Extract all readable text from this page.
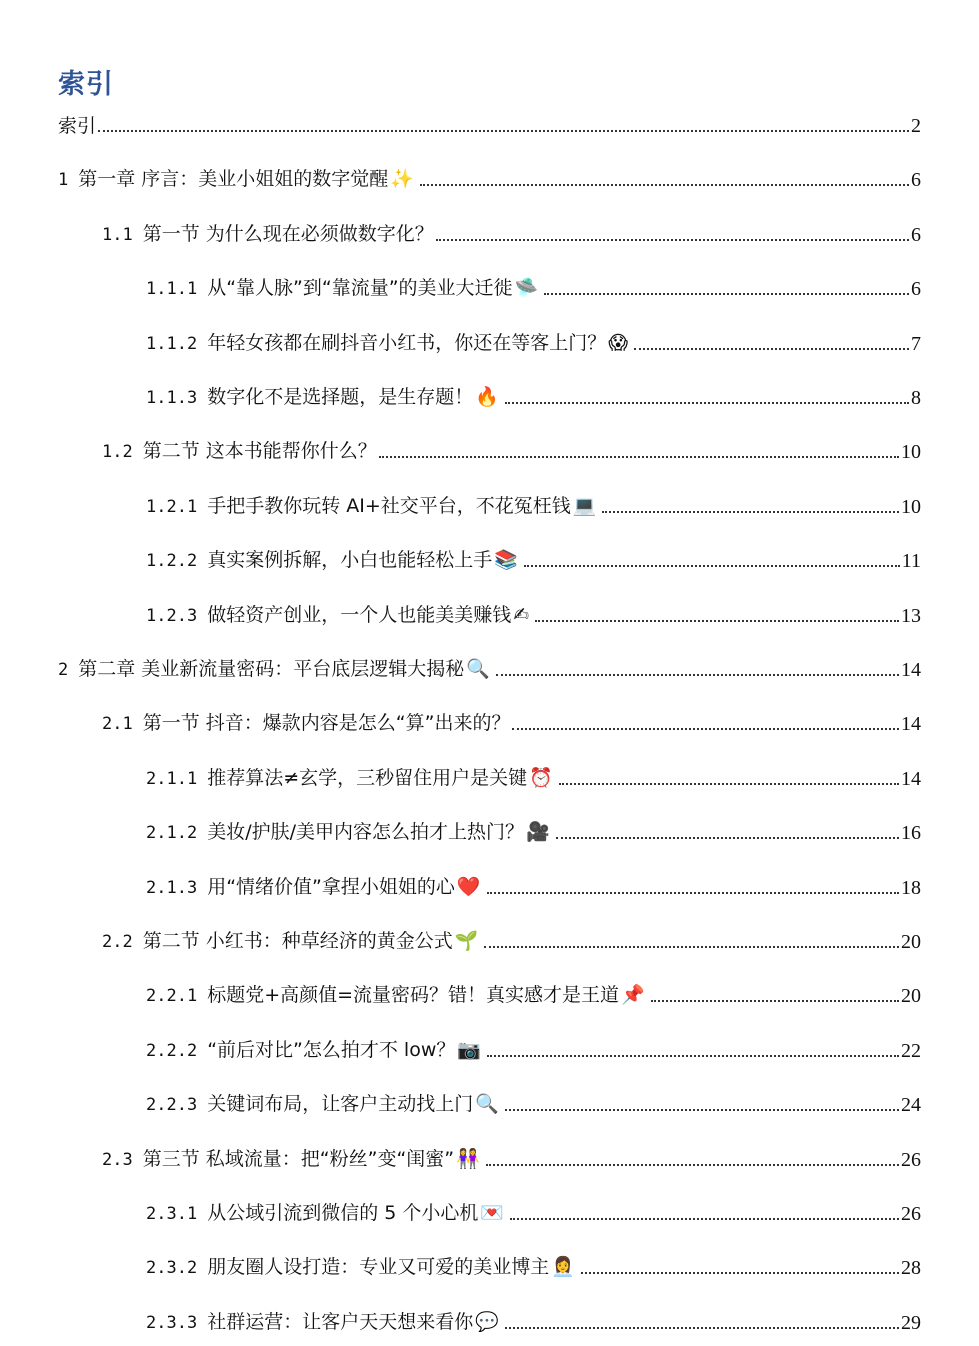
索引
索引	2
1 第一章 序言：美业小姐姐的数字觉醒 ✨	6
1.1 第一节 为什么现在必须做数字化？	6
1.1.1 从“靠人脉”到“靠流量”的美业大迁徙 🛸	6
1.1.2 年轻女孩都在刷抖音小红书，你还在等客上门？ 😱	7
1.1.3 数字化不是选择题，是生存题！ 🔥	8
1.2 第二节 这本书能帮你什么？	10
1.2.1 手把手教你玩转 AI+社交平台，不花冤枉钱 💻	10
1.2.2 真实案例拆解，小白也能轻松上手 📚	11
1.2.3 做轻资产创业，一个人也能美美赚钱 ✍	13
2 第二章 美业新流量密码：平台底层逻辑大揭秘 🔍	14
2.1 第一节 抖音：爆款内容是怎么“算”出来的？	14
2.1.1 推荐算法≠玄学，三秒留住用户是关键 ⏰	14
2.1.2 美妆/护肤/美甲内容怎么拍才上热门？ 🎥	16
2.1.3 用“情绪价值”拿捏小姐姐的心 ❤️	18
2.2 第二节 小红书：种草经济的黄金公式 🌱	20
2.2.1 标题党+高颜值=流量密码？错！真实感才是王道 📌	20
2.2.2 “前后对比”怎么拍才不 low？ 📷	22
2.2.3 关键词布局，让客户主动找上门 🔍	24
2.3 第三节 私域流量：把“粉丝”变“闺蜜” 👭	26
2.3.1 从公域引流到微信的 5 个小心机 💌	26
2.3.2 朋友圈人设打造：专业又可爱的美业博主 👩‍💼	28
2.3.3 社群运营：让客户天天想来看你 💬	29
